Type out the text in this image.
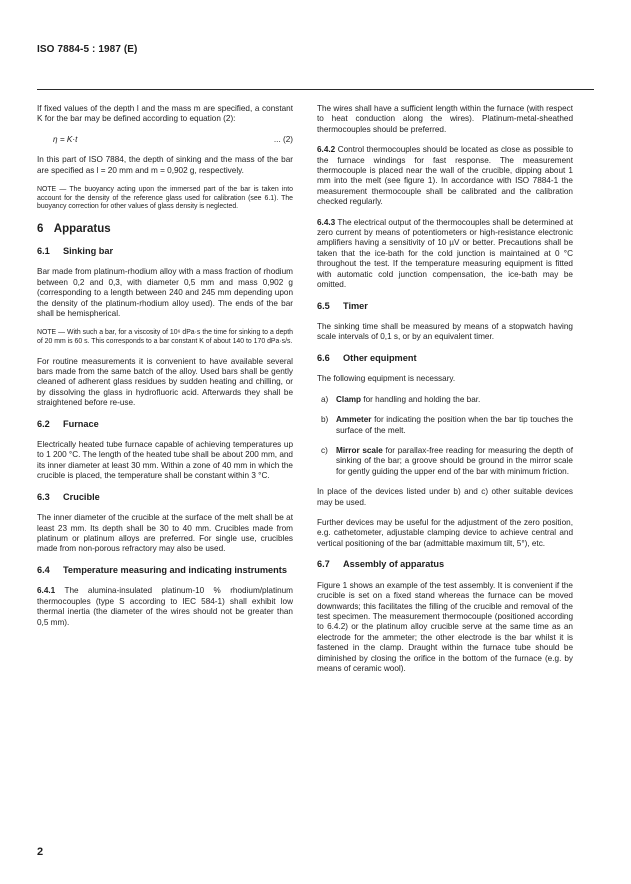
ISO 7884-5 : 1987 (E)

If fixed values of the depth l and the mass m are specified, a constant K for the bar may be defined according to equation (2):

η = K·t	... (2)

In this part of ISO 7884, the depth of sinking and the mass of the bar are specified as l = 20 mm and m = 0,902 g, respectively.

NOTE — The buoyancy acting upon the immersed part of the bar is taken into account for the density of the reference glass used for calibration (see 6.1). The buoyancy correction for other values of glass density is neglected.

6 Apparatus
6.1 Sinking bar

Bar made from platinum-rhodium alloy with a mass fraction of rhodium between 0,2 and 0,3, with diameter 0,5 mm and mass 0,902 g (corresponding to a length between 240 and 245 mm depending upon the density of the platinum-rhodium alloy used). The ends of the bar shall be hemispherical.

NOTE — With such a bar, for a viscosity of 10⁶ dPa·s the time for sinking to a depth of 20 mm is 60 s. This corresponds to a bar constant K of about 140 to 170 dPa·s/s.

For routine measurements it is convenient to have available several bars made from the same batch of the alloy. Used bars shall be gently cleaned of adherent glass residues by sudden heating and chilling, or by dissolving the glass in hydrofluoric acid. Afterwards they shall be straightened before re-use.

6.2 Furnace

Electrically heated tube furnace capable of achieving temperatures up to 1 200 °C. The length of the heated tube shall be about 200 mm, and its inner diameter at least 30 mm. Within a zone of 40 mm in which the crucible is placed, the temperature shall be constant within 3 °C.

6.3 Crucible

The inner diameter of the crucible at the surface of the melt shall be at least 23 mm. Its depth shall be 30 to 40 mm. Crucibles made from platinum or platinum alloys are preferred. For single use, crucibles made from non-porous refractory may also be used.

6.4 Temperature measuring and indicating instruments

6.4.1 The alumina-insulated platinum-10 % rhodium/platinum thermocouples (type S according to IEC 584-1) shall exhibit low thermal inertia (the diameter of the wires should not be greater than 0,5 mm).

The wires shall have a sufficient length within the furnace (with respect to heat conduction along the wires). Platinum-metal-sheathed thermocouples should be preferred.

6.4.2 Control thermocouples should be located as close as possible to the furnace windings for fast response. The measurement thermocouple is placed near the wall of the crucible, dipping about 1 mm into the melt (see figure 1). In accordance with ISO 7884-1 the measurement thermocouple shall be calibrated and the calibration checked regularly.

6.4.3 The electrical output of the thermocouples shall be determined at zero current by means of potentiometers or high-resistance electronic amplifiers having a sensitivity of 10 µV or better. Precautions shall be taken that the ice-bath for the cold junction is maintained at 0 °C throughout the test. If the temperature measuring equipment is fitted with automatic cold junction compensation, the ice-bath may be omitted.

6.5 Timer

The sinking time shall be measured by means of a stopwatch having scale intervals of 0,1 s, or by an equivalent timer.

6.6 Other equipment

The following equipment is necessary.

a) Clamp for handling and holding the bar.
b) Ammeter for indicating the position when the bar tip touches the surface of the melt.
c) Mirror scale for parallax-free reading for measuring the depth of sinking of the bar; a groove should be ground in the mirror scale for gently guiding the upper end of the bar with minimum friction.

In place of the devices listed under b) and c) other suitable devices may be used.

Further devices may be useful for the adjustment of the zero position, e.g. cathetometer, adjustable clamping device to achieve central and vertical positioning of the bar (admittable maximum tilt, 5°), etc.

6.7 Assembly of apparatus

Figure 1 shows an example of the test assembly. It is convenient if the crucible is set on a fixed stand whereas the furnace can be moved downwards; this facilitates the filling of the crucible and removal of the test specimen. The measurement thermocouple (positioned according to 6.4.2) or the platinum alloy crucible serve at the same time as an electrode for the ammeter; the other electrode is the bar whilst it is fastened in the clamp. Draught within the furnace tube should be diminished by closing the orifice in the bottom of the furnace (e.g. by means of ceramic wool).

2
